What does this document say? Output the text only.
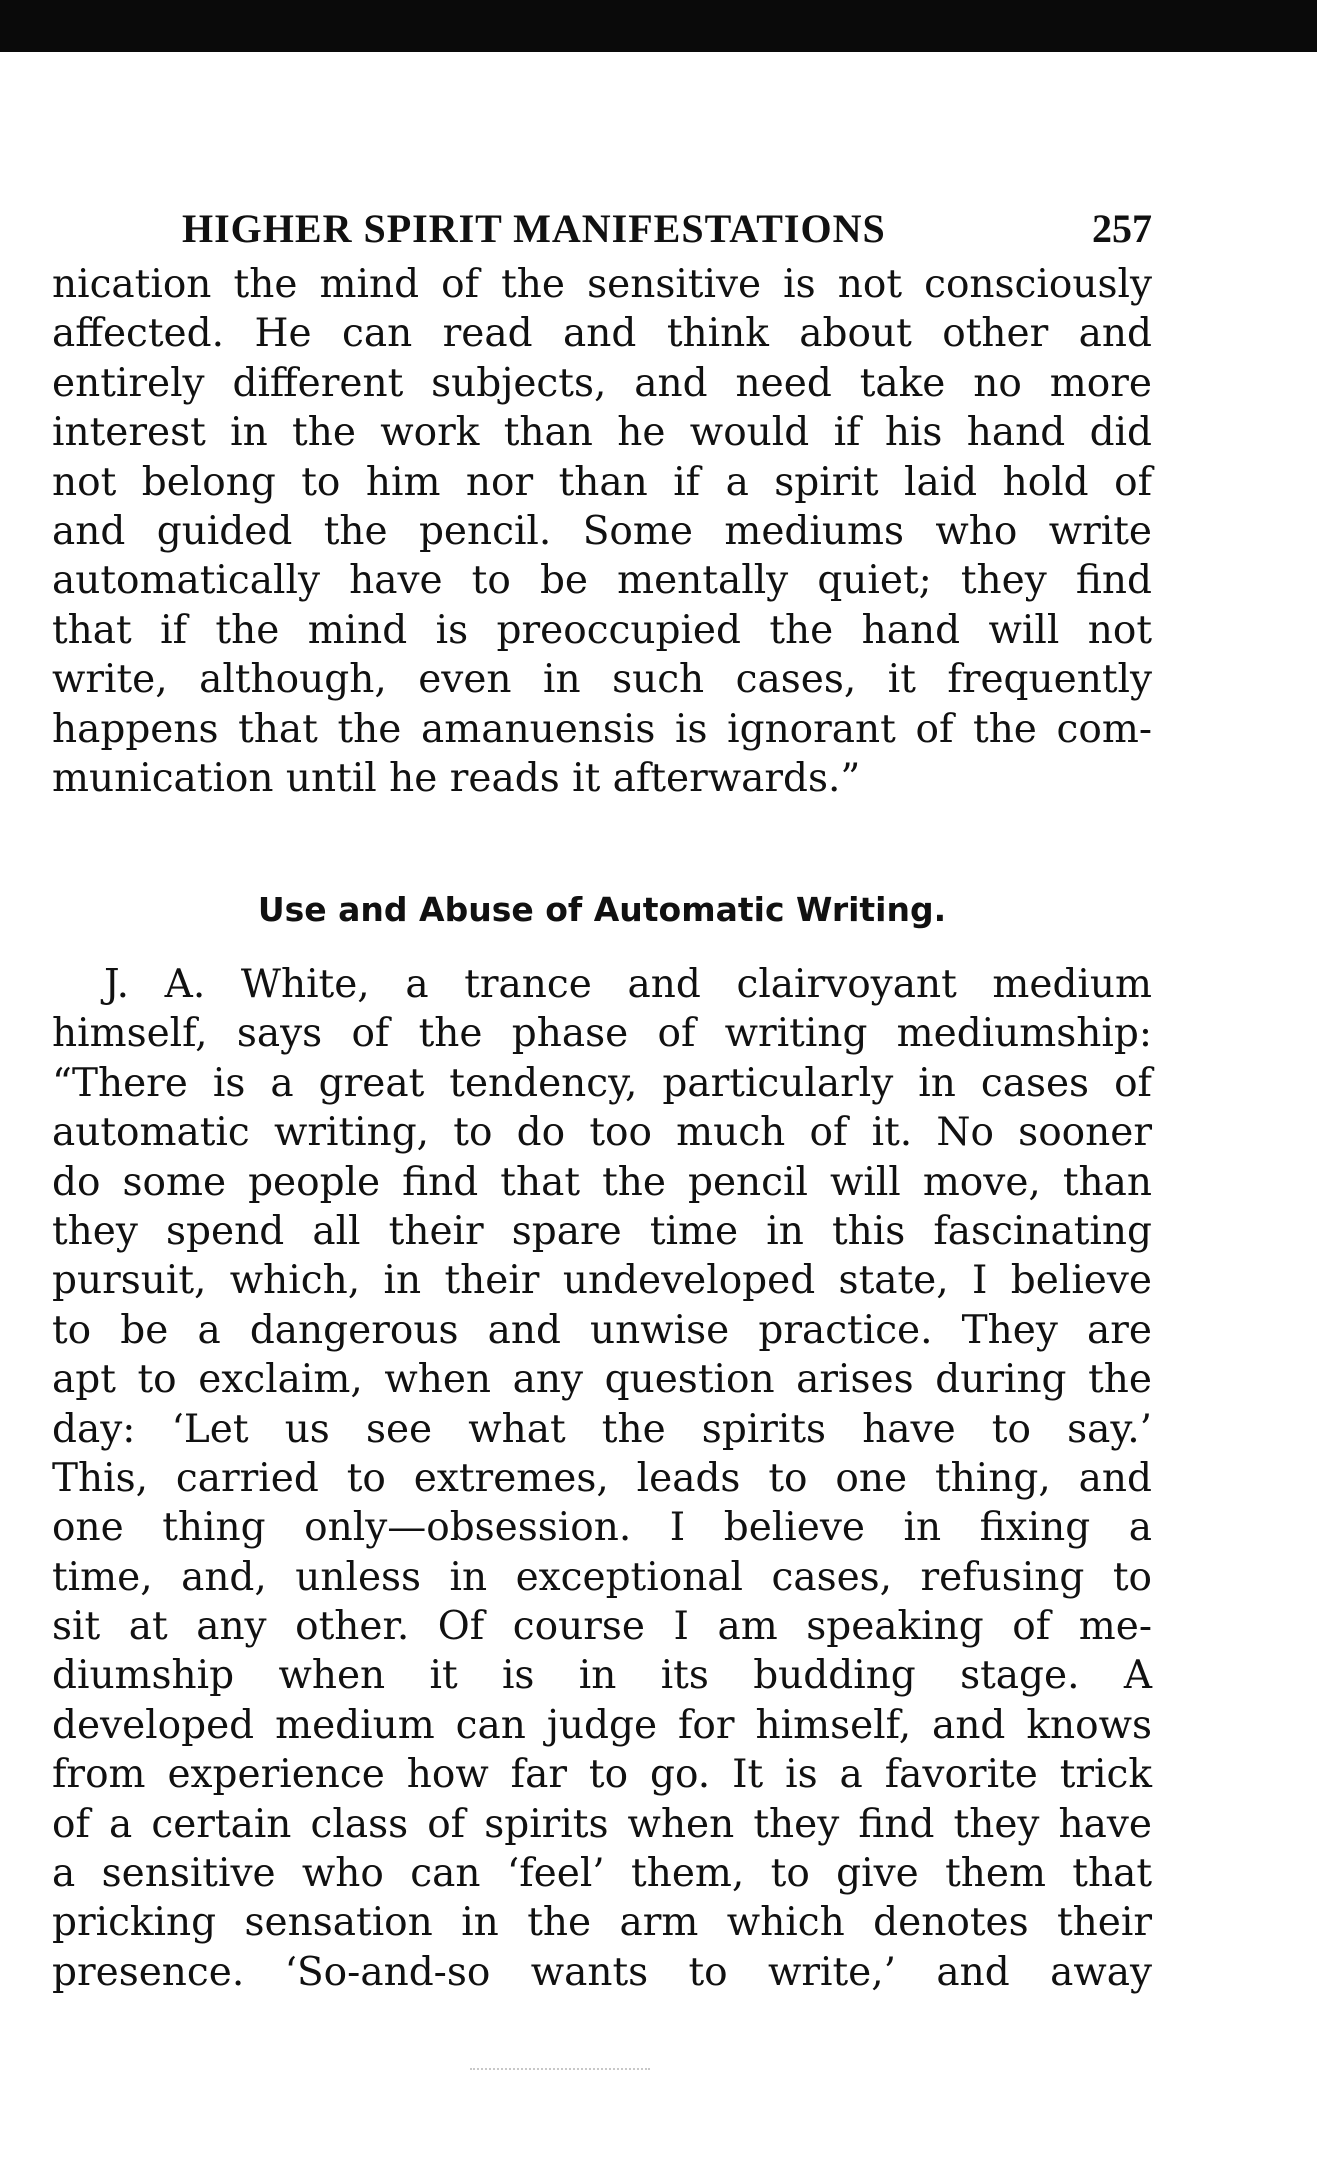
HIGHER SPIRIT MANIFESTATIONS	257
nication the mind of the sensitive is not consciously
affected. He can read and think about other and
entirely different subjects, and need take no more
interest in the work than he would if his hand did
not belong to him nor than if a spirit laid hold of
and guided the pencil. Some mediums who write
automatically have to be mentally quiet; they find
that if the mind is preoccupied the hand will not
write, although, even in such cases, it frequently
happens that the amanuensis is ignorant of the com-
munication until he reads it afterwards.”
Use and Abuse of Automatic Writing.
J. A. White, a trance and clairvoyant medium
himself, says of the phase of writing mediumship:
“There is a great tendency, particularly in cases of
automatic writing, to do too much of it. No sooner
do some people find that the pencil will move, than
they spend all their spare time in this fascinating
pursuit, which, in their undeveloped state, I believe
to be a dangerous and unwise practice. They are
apt to exclaim, when any question arises during the
day: ‘Let us see what the spirits have to say.’
This, carried to extremes, leads to one thing, and
one thing only—obsession. I believe in fixing a
time, and, unless in exceptional cases, refusing to
sit at any other. Of course I am speaking of me-
diumship when it is in its budding stage. A
developed medium can judge for himself, and knows
from experience how far to go. It is a favorite trick
of a certain class of spirits when they find they have
a sensitive who can ‘feel’ them, to give them that
pricking sensation in the arm which denotes their
presence. ‘So-and-so wants to write,’ and away
